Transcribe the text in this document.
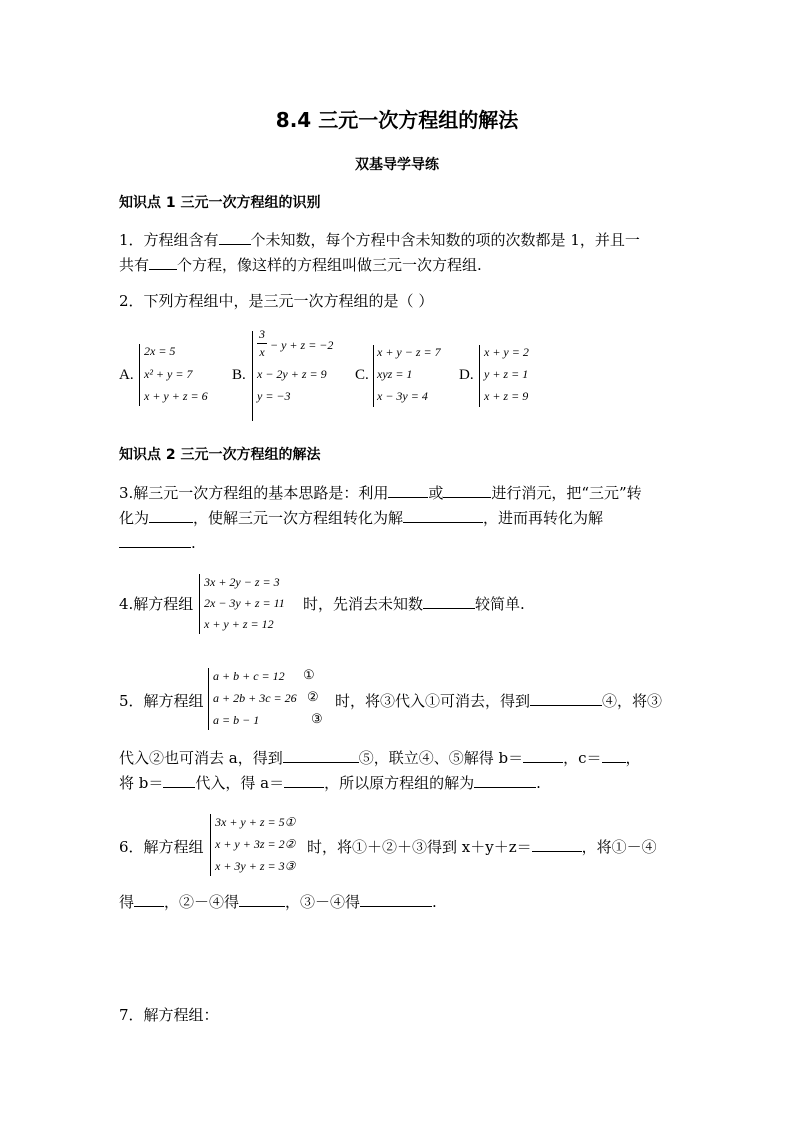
8.4 三元一次方程组的解法
双基导学导练
知识点 1 三元一次方程组的识别
1．方程组含有 个未知数，每个方程中含未知数的项的次数都是 1，并且一
共有 个方程，像这样的方程组叫做三元一次方程组.
2．下列方程组中，是三元一次方程组的是（ ）
A.
2x = 5
x² + y = 7
x + y + z = 6
B.
3
x − y + z = −2
x − 2y + z = 9
y = −3
C.
x + y − z = 7
xyz = 1
x − 3y = 4
D.
x + y = 2
y + z = 1
x + z = 9
知识点 2 三元一次方程组的解法
3.解三元一次方程组的基本思路是：利用	或	进行消元，把“三元”转
化为	，使解三元一次方程组转化为解	，进而再转化为解
.
4.解方程组
3x + 2y − z = 3
2x − 3y + z = 11
x + y + z = 12
时，先消去未知数	较简单.
5．解方程组
a + b + c = 12
a + 2b + 3c = 26
a = b − 1
①
②
③
时，将③代入①可消去，得到	④，将③
代入②也可消去 a，得到	⑤，联立④、⑤解得 b＝	，c＝ ，
将 b＝ 代入，得 a＝	，所以原方程组的解为	.
6．解方程组
3x + y + z = 5①
x + y + 3z = 2②
x + 3y + z = 3③
时，将①＋②＋③得到 x＋y＋z＝	，将①－④
得 ，②－④得	，③－④得	.
7．解方程组：
